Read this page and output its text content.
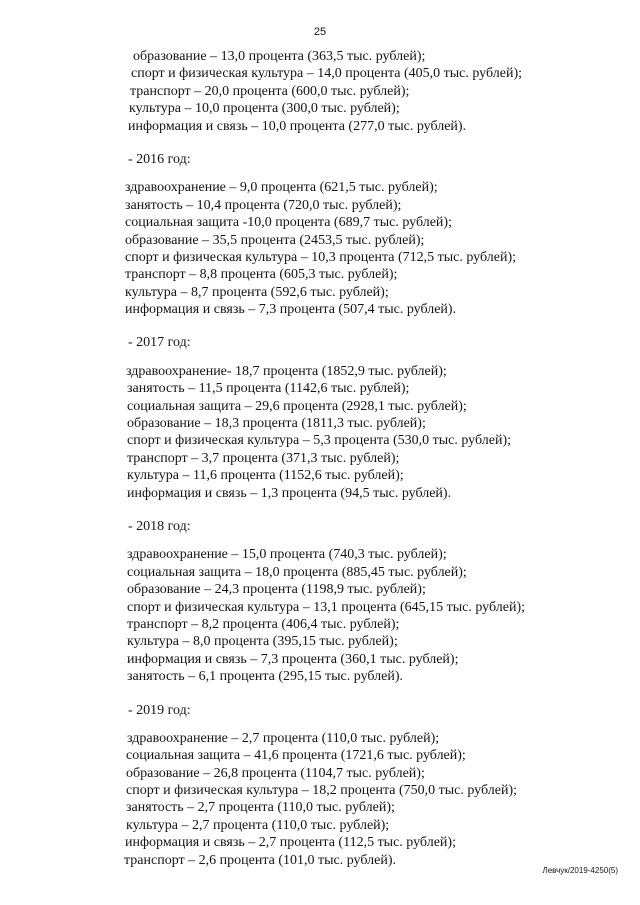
25
образование – 13,0 процента (363,5 тыс. рублей);
спорт и физическая культура – 14,0 процента (405,0 тыс. рублей);
транспорт – 20,0 процента (600,0 тыс. рублей);
культура – 10,0 процента (300,0 тыс. рублей);
информация и связь – 10,0 процента (277,0 тыс. рублей).
- 2016 год:
здравоохранение – 9,0 процента (621,5 тыс. рублей);
занятость – 10,4 процента (720,0 тыс. рублей);
социальная защита -10,0 процента (689,7 тыс. рублей);
образование – 35,5 процента (2453,5 тыс. рублей);
спорт и физическая культура – 10,3 процента (712,5 тыс. рублей);
транспорт – 8,8 процента (605,3 тыс. рублей);
культура – 8,7 процента (592,6 тыс. рублей);
информация и связь – 7,3 процента (507,4 тыс. рублей).
- 2017 год:
здравоохранение- 18,7 процента (1852,9 тыс. рублей);
занятость – 11,5 процента (1142,6 тыс. рублей);
социальная защита – 29,6 процента (2928,1 тыс. рублей);
образование – 18,3 процента (1811,3 тыс. рублей);
спорт и физическая культура – 5,3 процента (530,0 тыс. рублей);
транспорт – 3,7 процента (371,3 тыс. рублей);
культура – 11,6 процента (1152,6 тыс. рублей);
информация и связь – 1,3 процента (94,5 тыс. рублей).
- 2018 год:
здравоохранение – 15,0 процента (740,3 тыс. рублей);
социальная защита – 18,0 процента (885,45 тыс. рублей);
образование – 24,3 процента (1198,9 тыс. рублей);
спорт и физическая культура – 13,1 процента (645,15 тыс. рублей);
транспорт – 8,2 процента (406,4 тыс. рублей);
культура – 8,0 процента (395,15 тыс. рублей);
информация и связь – 7,3 процента (360,1 тыс. рублей);
занятость – 6,1 процента (295,15 тыс. рублей).
- 2019 год:
здравоохранение – 2,7 процента (110,0 тыс. рублей);
социальная защита – 41,6 процента (1721,6 тыс. рублей);
образование – 26,8 процента (1104,7 тыс. рублей);
спорт и физическая культура – 18,2 процента (750,0 тыс. рублей);
занятость – 2,7 процента (110,0 тыс. рублей);
культура – 2,7 процента (110,0 тыс. рублей);
информация и связь – 2,7 процента (112,5 тыс. рублей);
транспорт – 2,6 процента (101,0 тыс. рублей).
Левчук/2019-4250(5)
